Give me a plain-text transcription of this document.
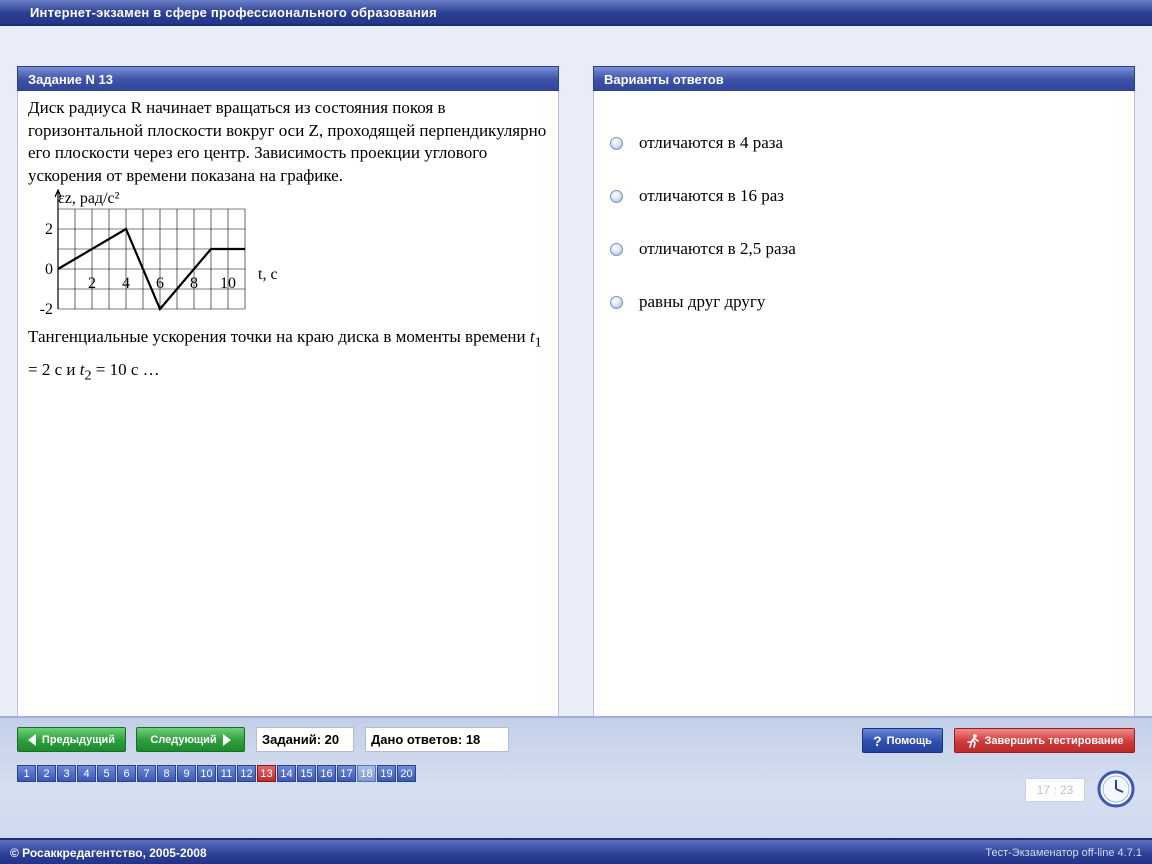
Интернет-экзамен в сфере профессионального образования
Задание N 13
Диск радиуса R начинает вращаться из состояния покоя в горизонтальной плоскости вокруг оси Z, проходящей перпендикулярно его плоскости через его центр. Зависимость проекции углового ускорения от времени показана на графике.
2 4 6 8 10
2
0
-2
εz, рад/с²
t, с
Тангенциальные ускорения точки на краю диска в моменты времени $t_1 = 2$ с и $t_2 = 10$ с …
Варианты ответов
отличаются в 4 раза
отличаются в 16 раз
отличаются в 2,5 раза
равны друг другу
Предыдущий	Следующий	Заданий: 20	Дано ответов: 18	? Помощь	Завершить тестирование
1	2	3	4	5	6	7	8	9 10 11 12 13 14 15 16 17 18 19 20
17 : 23
© Росаккредагентство, 2005-2008	Тест-Экзаменатор off-line 4.7.1
